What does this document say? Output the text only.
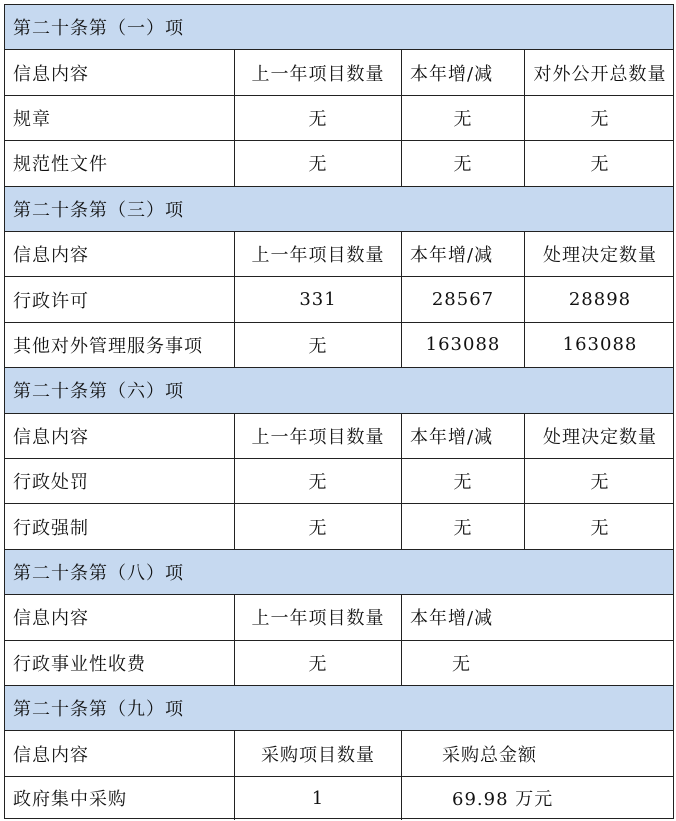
第二十条第（一）项
信息内容	上一年项目数量	本年增/减	对外公开总数量
规章	无	无	无
规范性文件	无	无	无
第二十条第（三）项
信息内容	上一年项目数量	本年增/减	处理决定数量
行政许可	331	28567	28898
其他对外管理服务事项	无	163088	163088
第二十条第（六）项
信息内容	上一年项目数量	本年增/减	处理决定数量
行政处罚	无	无	无
行政强制	无	无	无
第二十条第（八）项
信息内容	上一年项目数量	本年增/减
行政事业性收费	无	无
第二十条第（九）项
信息内容	采购项目数量	采购总金额
政府集中采购	1	69.98 万元
